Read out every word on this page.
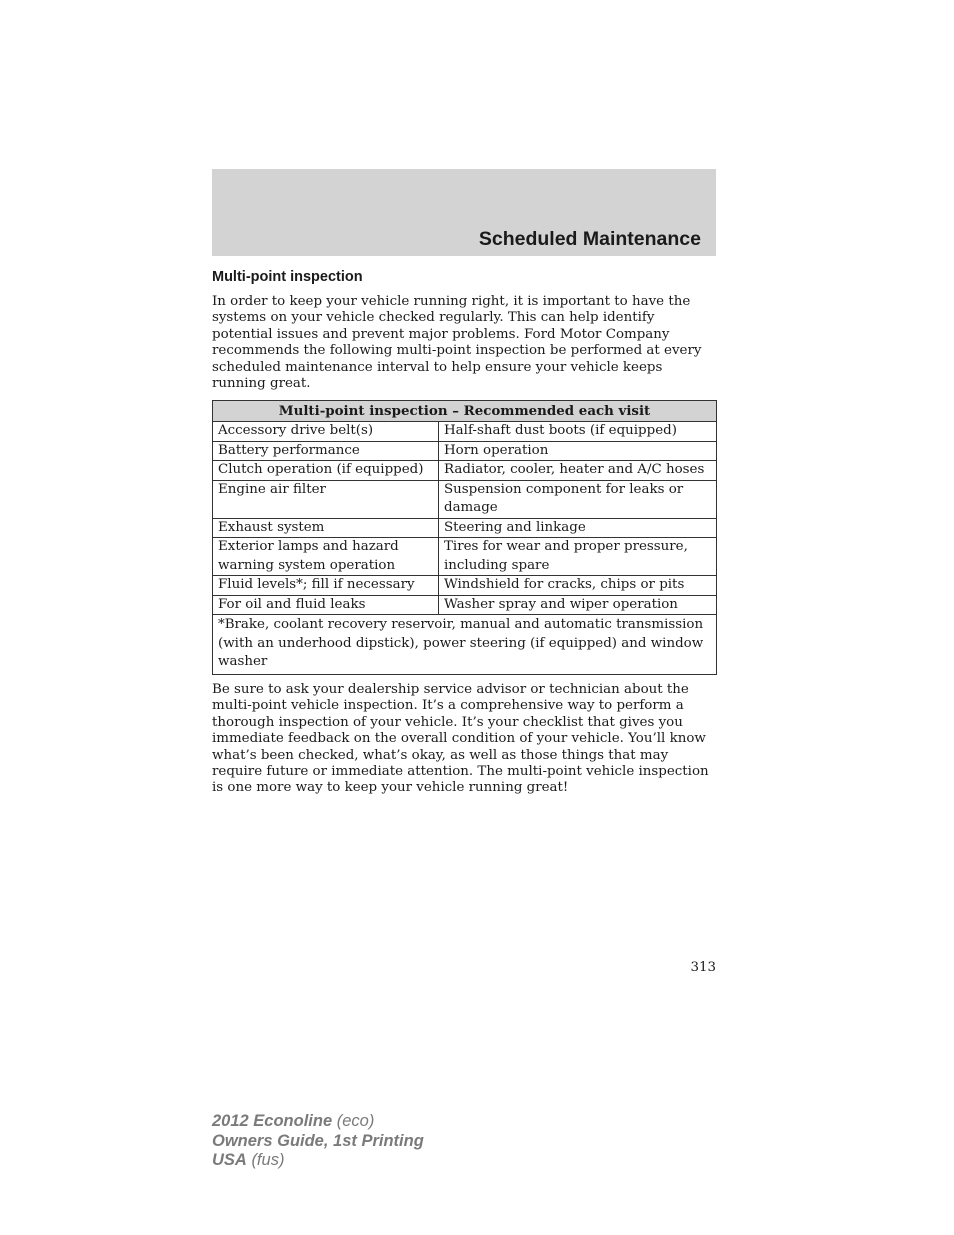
Scheduled Maintenance
Multi-point inspection

In order to keep your vehicle running right, it is important to have the systems on your vehicle checked regularly. This can help identify potential issues and prevent major problems. Ford Motor Company recommends the following multi-point inspection be performed at every scheduled maintenance interval to help ensure your vehicle keeps running great.

Multi-point inspection – Recommended each visit	
Accessory drive belt(s)	Half-shaft dust boots (if equipped)
Battery performance	Horn operation
Clutch operation (if equipped)	Radiator, cooler, heater and A/C hoses
Engine air filter	Suspension component for leaks or damage
Exhaust system	Steering and linkage
Exterior lamps and hazard warning system operation	Tires for wear and proper pressure, including spare
Fluid levels*; fill if necessary	Windshield for cracks, chips or pits
For oil and fluid leaks	Washer spray and wiper operation
*Brake, coolant recovery reservoir, manual and automatic transmission (with an underhood dipstick), power steering (if equipped) and window washer	

Be sure to ask your dealership service advisor or technician about the multi-point vehicle inspection. It’s a comprehensive way to perform a thorough inspection of your vehicle. It’s your checklist that gives you immediate feedback on the overall condition of your vehicle. You’ll know what’s been checked, what’s okay, as well as those things that may require future or immediate attention. The multi-point vehicle inspection is one more way to keep your vehicle running great!

313
2012 Econoline (eco)
Owners Guide, 1st Printing
USA (fus)
